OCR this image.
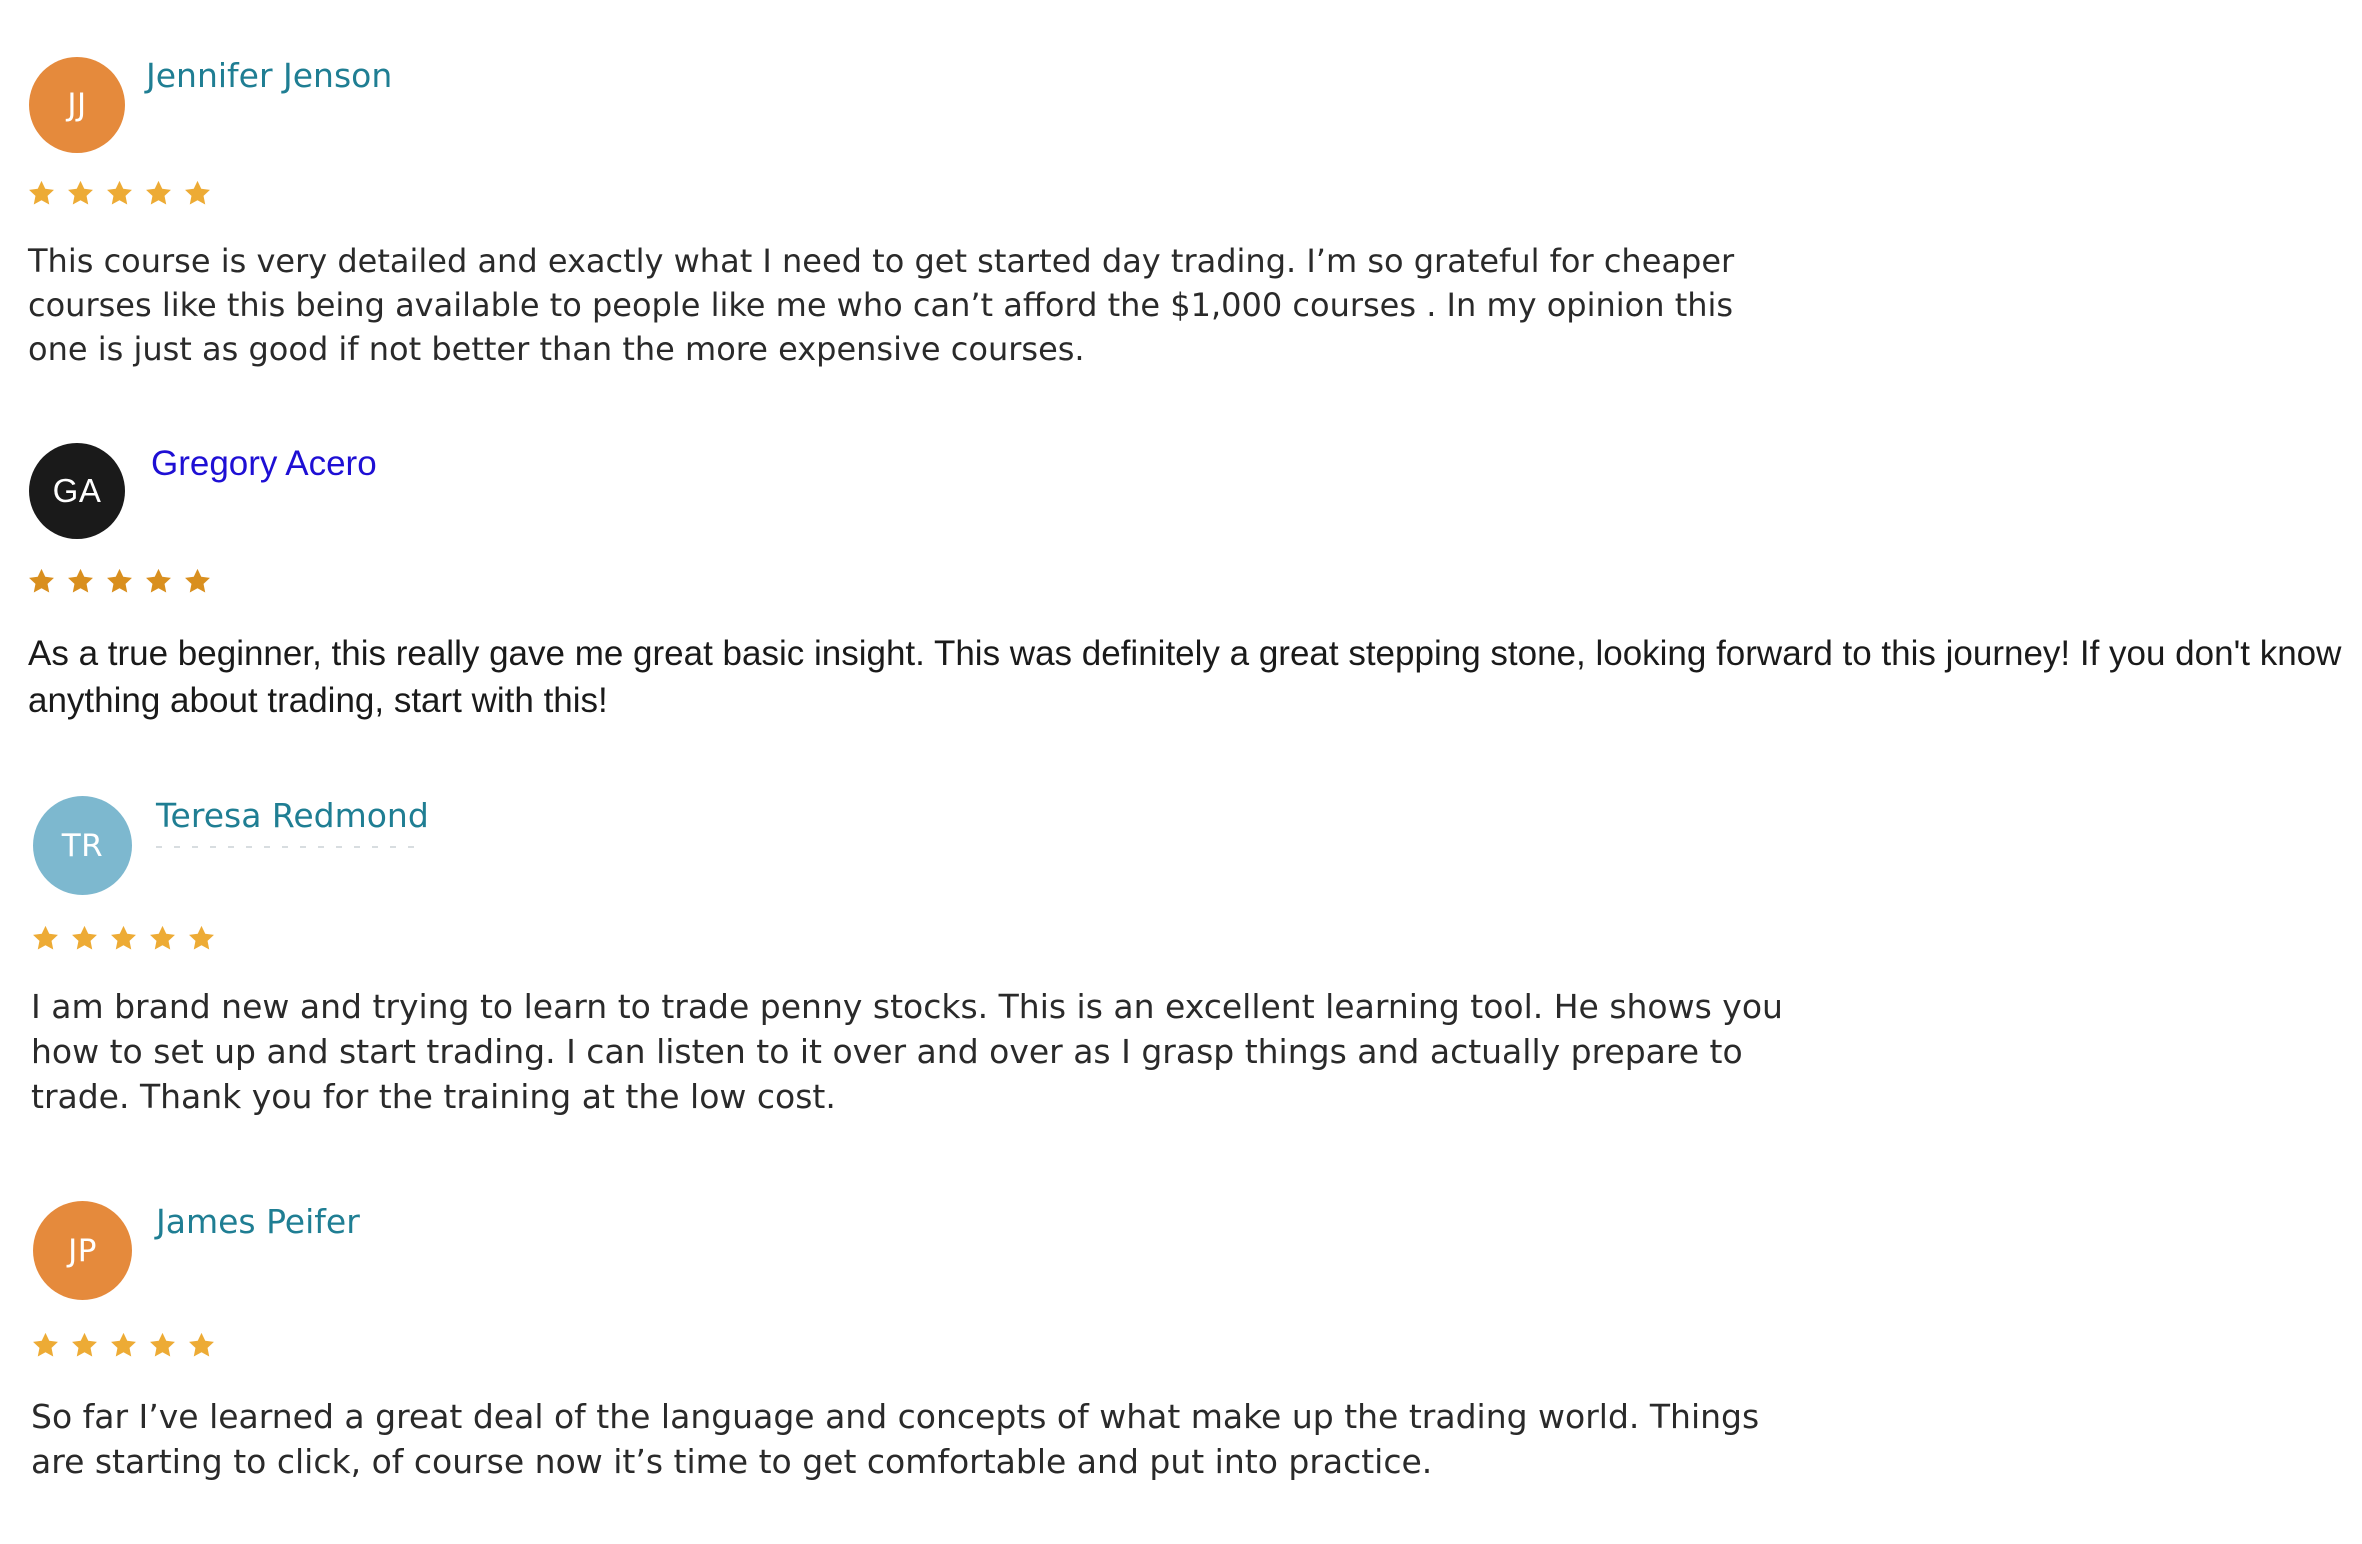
JJ
Jennifer Jenson
This course is very detailed and exactly what I need to get started day trading. I’m so grateful for cheaper courses like this being available to people like me who can’t afford the $1,000 courses . In my opinion this one is just as good if not better than the more expensive courses.
GA
Gregory Acero
As a true beginner, this really gave me great basic insight. This was definitely a great stepping stone, looking forward to this journey! If you don't know anything about trading, start with this!
TR
Teresa Redmond
I am brand new and trying to learn to trade penny stocks. This is an excellent learning tool. He shows you how to set up and start trading. I can listen to it over and over as I grasp things and actually prepare to trade. Thank you for the training at the low cost.
JP
James Peifer
So far I’ve learned a great deal of the language and concepts of what make up the trading world. Things are starting to click, of course now it’s time to get comfortable and put into practice.
